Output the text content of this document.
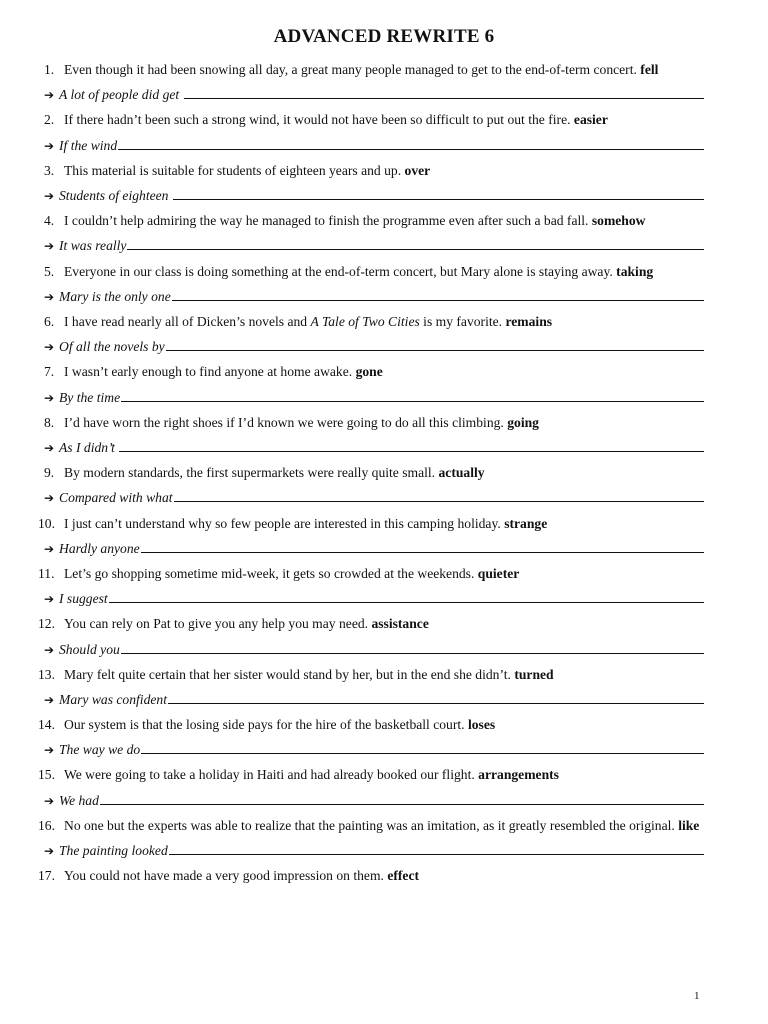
ADVANCED REWRITE 6
1. Even though it had been snowing all day, a great many people managed to get to the end-of-term concert. fell
➔ A lot of people did get
2. If there hadn’t been such a strong wind, it would not have been so difficult to put out the fire. easier
➔ If the wind
3. This material is suitable for students of eighteen years and up. over
➔ Students of eighteen
4. I couldn’t help admiring the way he managed to finish the programme even after such a bad fall. somehow
➔ It was really
5. Everyone in our class is doing something at the end-of-term concert, but Mary alone is staying away. taking
➔ Mary is the only one
6. I have read nearly all of Dicken’s novels and A Tale of Two Cities is my favorite. remains
➔ Of all the novels by
7. I wasn’t early enough to find anyone at home awake. gone
➔ By the time
8. I’d have worn the right shoes if I’d known we were going to do all this climbing. going
➔ As I didn’t
9. By modern standards, the first supermarkets were really quite small. actually
➔ Compared with what
10. I just can’t understand why so few people are interested in this camping holiday. strange
➔ Hardly anyone
11. Let’s go shopping sometime mid-week, it gets so crowded at the weekends. quieter
➔ I suggest
12. You can rely on Pat to give you any help you may need. assistance
➔ Should you
13. Mary felt quite certain that her sister would stand by her, but in the end she didn’t. turned
➔ Mary was confident
14. Our system is that the losing side pays for the hire of the basketball court. loses
➔ The way we do
15. We were going to take a holiday in Haiti and had already booked our flight. arrangements
➔ We had
16. No one but the experts was able to realize that the painting was an imitation, as it greatly resembled the original. like
➔ The painting looked
17. You could not have made a very good impression on them. effect
1
